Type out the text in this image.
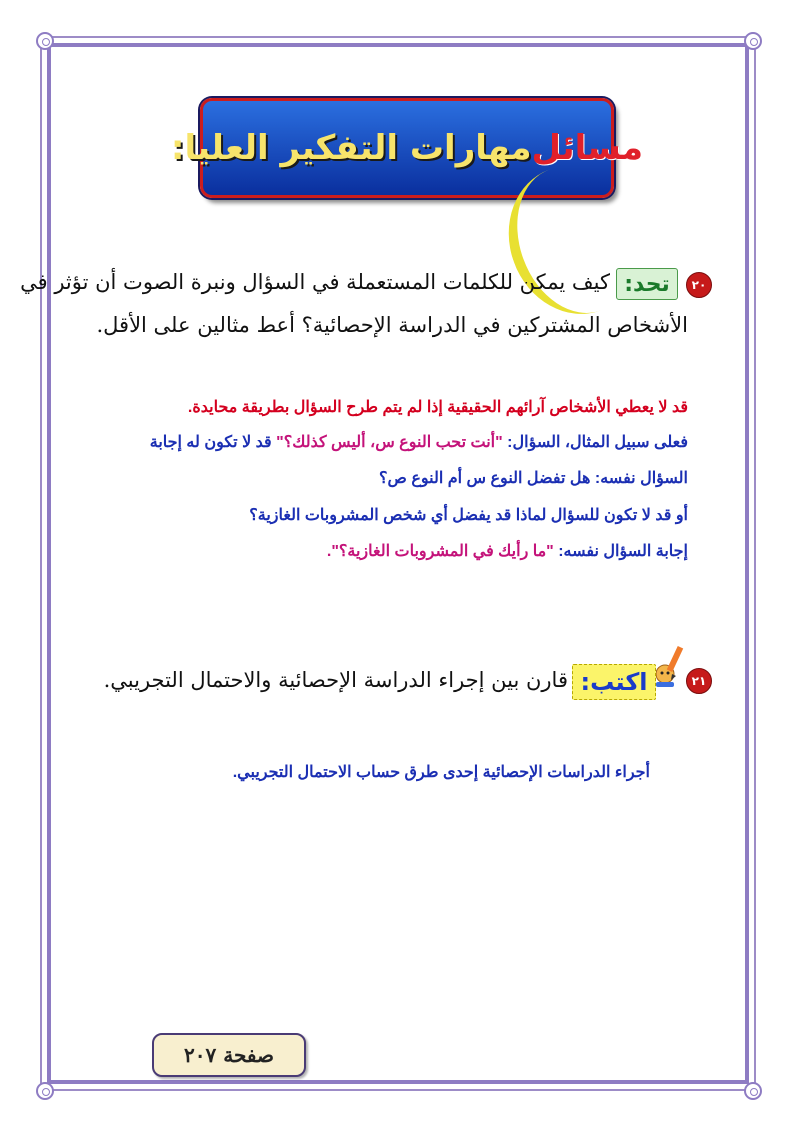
مسائل
مهارات التفكير العليا:
٢٠
تحد:
كيف يمكن للكلمات المستعملة في السؤال ونبرة الصوت أن تؤثر في
الأشخاص المشتركين في الدراسة الإحصائية؟ أعط مثالين على الأقل.
قد لا يعطي الأشخاص آرائهم الحقيقية إذا لم يتم طرح السؤال بطريقة محايدة.
فعلى سبيل المثال، السؤال: "أنت تحب النوع س، أليس كذلك؟" قد لا تكون له إجابة
السؤال نفسه: هل تفضل النوع س أم النوع ص؟
أو قد لا تكون للسؤال لماذا قد يفضل أي شخص المشروبات الغازية؟
إجابة السؤال نفسه: "ما رأيك في المشروبات الغازية؟".
٢١
اكتب:
قارن بين إجراء الدراسة الإحصائية والاحتمال التجريبي.
أجراء الدراسات الإحصائية إحدى طرق حساب الاحتمال التجريبي.
صفحة ٢٠٧
